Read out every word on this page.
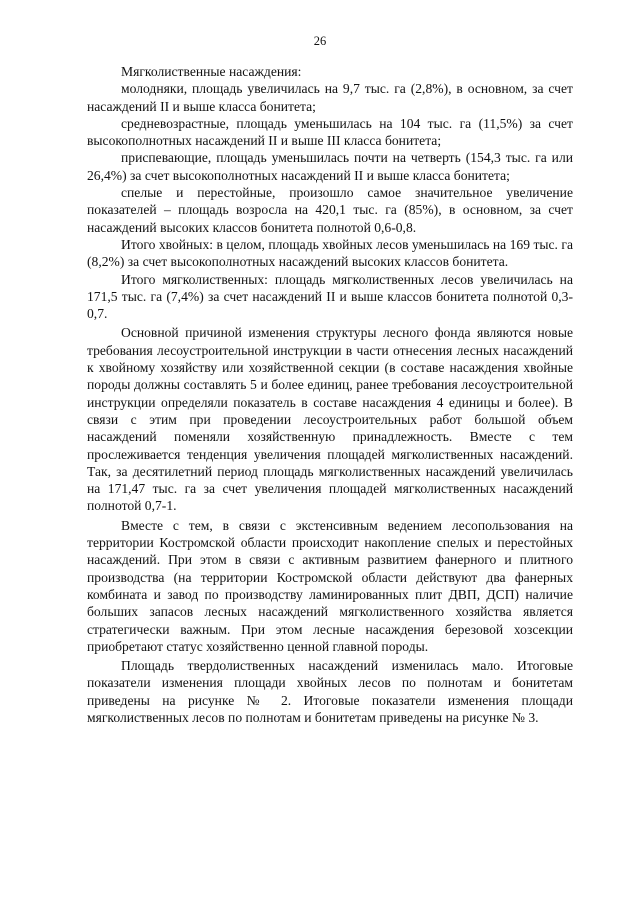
26

Мягколиственные насаждения:

молодняки, площадь увеличилась на 9,7 тыс. га (2,8%), в основном, за счет насаждений II и выше класса бонитета;

средневозрастные, площадь уменьшилась на 104 тыс. га (11,5%) за счет высокополнотных насаждений II и выше III класса бонитета;

приспевающие, площадь уменьшилась почти на четверть (154,3 тыс. га или 26,4%) за счет высокополнотных насаждений II и выше класса бонитета;

спелые и перестойные, произошло самое значительное увеличение показателей – площадь возросла на 420,1 тыс. га (85%), в основном, за счет насаждений высоких классов бонитета полнотой 0,6-0,8.

Итого хвойных: в целом, площадь хвойных лесов уменьшилась на 169 тыс. га (8,2%) за счет высокополнотных насаждений высоких классов бонитета.

Итого мягколиственных: площадь мягколиственных лесов увеличилась на 171,5 тыс. га (7,4%) за счет насаждений II и выше классов бонитета полнотой 0,3-0,7.

Основной причиной изменения структуры лесного фонда являются новые требования лесоустроительной инструкции в части отнесения лесных насаждений к хвойному хозяйству или хозяйственной секции (в составе насаждения хвойные породы должны составлять 5 и более единиц, ранее требования лесоустроительной инструкции определяли показатель в составе насаждения 4 единицы и более). В связи с этим при проведении лесоустроительных работ большой объем насаждений поменяли хозяйственную принадлежность. Вместе с тем прослеживается тенденция увеличения площадей мягколиственных насаждений. Так, за десятилетний период площадь мягколиственных насаждений увеличилась на 171,47 тыс. га за счет увеличения площадей мягколиственных насаждений полнотой 0,7-1.

Вместе с тем, в связи с экстенсивным ведением лесопользования на территории Костромской области происходит накопление спелых и перестойных насаждений. При этом в связи с активным развитием фанерного и плитного производства (на территории Костромской области действуют два фанерных комбината и завод по производству ламинированных плит ДВП, ДСП) наличие больших запасов лесных насаждений мягколиственного хозяйства является стратегически важным. При этом лесные насаждения березовой хозсекции приобретают статус хозяйственно ценной главной породы.

Площадь твердолиственных насаждений изменилась мало. Итоговые показатели изменения площади хвойных лесов по полнотам и бонитетам приведены на рисунке № 2. Итоговые показатели изменения площади мягколиственных лесов по полнотам и бонитетам приведены на рисунке № 3.
